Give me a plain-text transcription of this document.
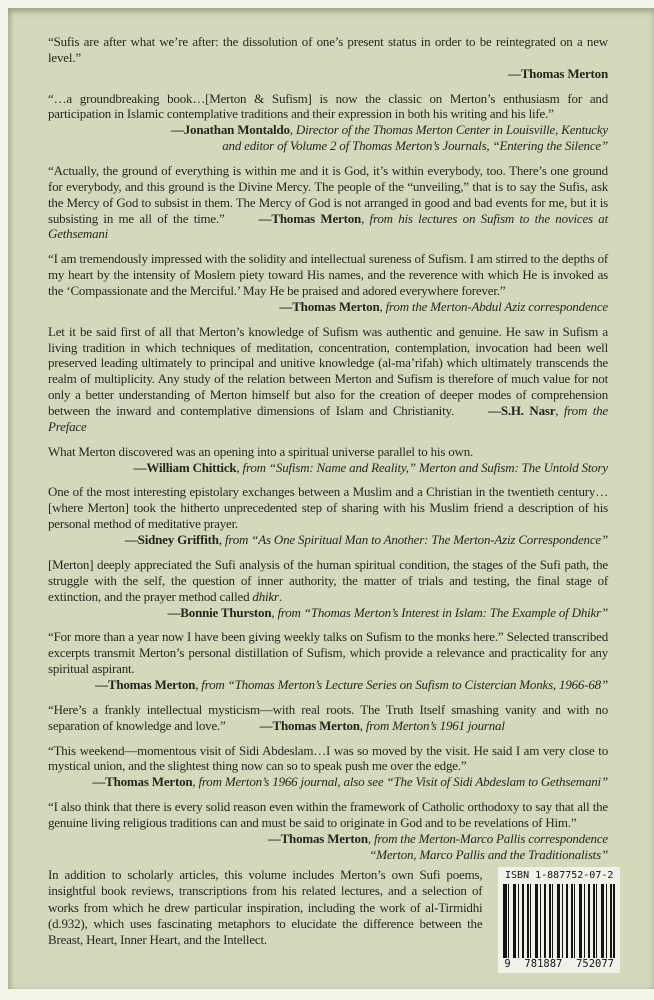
“Sufis are after what we’re after: the dissolution of one’s present status in order to be reintegrated on a new level.”

—Thomas Merton

“…a groundbreaking book…[Merton & Sufism] is now the classic on Merton’s enthusiasm for and participation in Islamic contemplative traditions and their expression in both his writing and his life.”

—Jonathan Montaldo, Director of the Thomas Merton Center in Louisville, Kentucky

and editor of Volume 2 of Thomas Merton’s Journals, “Entering the Silence”

“Actually, the ground of everything is within me and it is God, it’s within everybody, too. There’s one ground for everybody, and this ground is the Divine Mercy. The people of the “unveiling,” that is to say the Sufis, ask the Mercy of God to subsist in them. The Mercy of God is not arranged in good and bad events for me, but it is subsisting in me all of the time.”	—Thomas Merton, from his lectures on Sufism to the novices at Gethsemani

“I am tremendously impressed with the solidity and intellectual sureness of Sufism. I am stirred to the depths of my heart by the intensity of Moslem piety toward His names, and the reverence with which He is invoked as the ‘Compassionate and the Merciful.’ May He be praised and adored everywhere forever.”

—Thomas Merton, from the Merton-Abdul Aziz correspondence

Let it be said first of all that Merton’s knowledge of Sufism was authentic and genuine. He saw in Sufism a living tradition in which techniques of meditation, concentration, contemplation, invocation had been well preserved leading ultimately to principal and unitive knowledge (al-ma’rifah) which ultimately transcends the realm of multiplicity. Any study of the relation between Merton and Sufism is therefore of much value for not only a better understanding of Merton himself but also for the creation of deeper modes of comprehension between the inward and contemplative dimensions of Islam and Christianity.	—S.H. Nasr, from the Preface

What Merton discovered was an opening into a spiritual universe parallel to his own.

—William Chittick, from “Sufism: Name and Reality,” Merton and Sufism: The Untold Story

One of the most interesting epistolary exchanges between a Muslim and a Christian in the twentieth century…[where Merton] took the hitherto unprecedented step of sharing with his Muslim friend a description of his personal method of meditative prayer.

—Sidney Griffith, from “As One Spiritual Man to Another: The Merton-Aziz Correspondence”

[Merton] deeply appreciated the Sufi analysis of the human spiritual condition, the stages of the Sufi path, the struggle with the self, the question of inner authority, the matter of trials and testing, the final stage of extinction, and the prayer method called dhikr.

—Bonnie Thurston, from “Thomas Merton’s Interest in Islam: The Example of Dhikr”

“For more than a year now I have been giving weekly talks on Sufism to the monks here.” Selected transcribed excerpts transmit Merton’s personal distillation of Sufism, which provide a relevance and practicality for any spiritual aspirant.

—Thomas Merton, from “Thomas Merton’s Lecture Series on Sufism to Cistercian Monks, 1966-68”

“Here’s a frankly intellectual mysticism—with real roots. The Truth Itself smashing vanity and with no separation of knowledge and love.”	—Thomas Merton, from Merton’s 1961 journal

“This weekend—momentous visit of Sidi Abdeslam…I was so moved by the visit. He said I am very close to mystical union, and the slightest thing now can so to speak push me over the edge.”

—Thomas Merton, from Merton’s 1966 journal, also see “The Visit of Sidi Abdeslam to Gethsemani”

“I also think that there is every solid reason even within the framework of Catholic orthodoxy to say that all the genuine living religious traditions can and must be said to originate in God and to be revelations of Him.”

—Thomas Merton, from the Merton-Marco Pallis correspondence

“Merton, Marco Pallis and the Traditionalists”

In addition to scholarly articles, this volume includes Merton’s own Sufi poems, insightful book reviews, transcriptions from his related lectures, and a selection of works from which he drew particular inspiration, including the work of al-Tirmidhi (d.932), which uses fascinating metaphors to elucidate the difference between the Breast, Heart, Inner Heart, and the Intellect.

ISBN 1-887752-07-2
9 781887 752077
